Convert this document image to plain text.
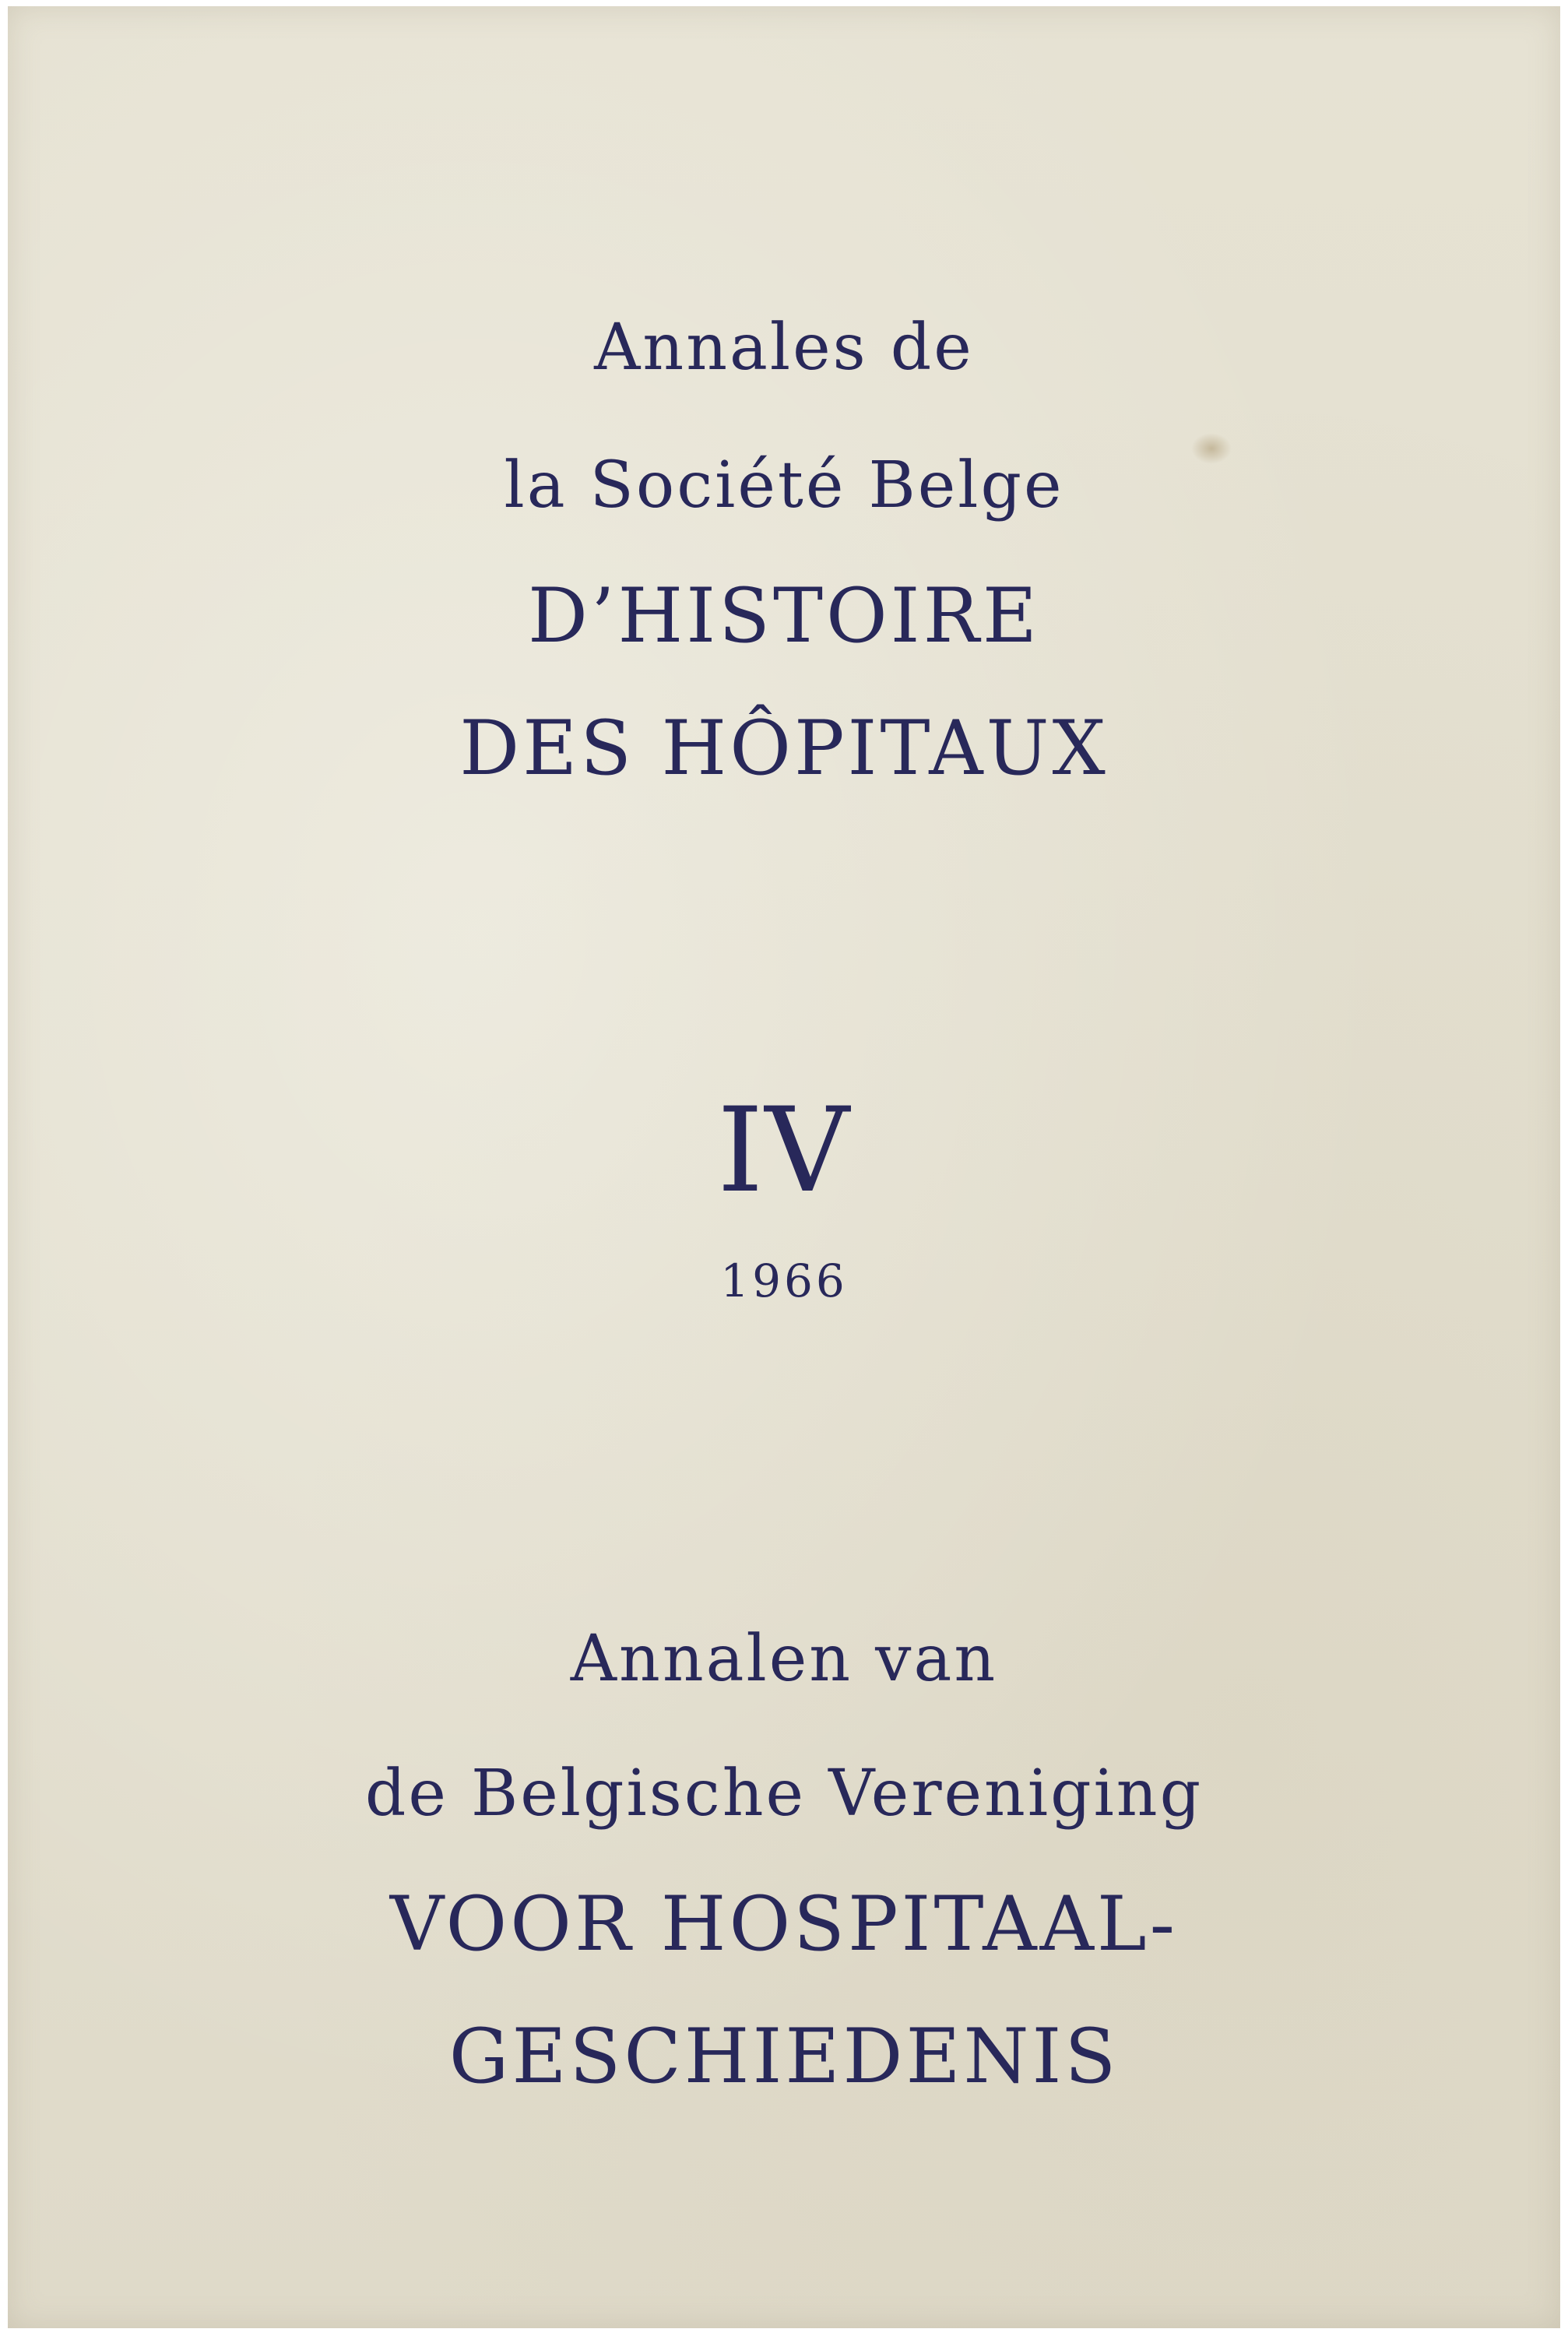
Annales de
la Société Belge
D’HISTOIRE
DES HÔPITAUX
IV
1966
Annalen van
de Belgische Vereniging
VOOR HOSPITAAL-
GESCHIEDENIS
